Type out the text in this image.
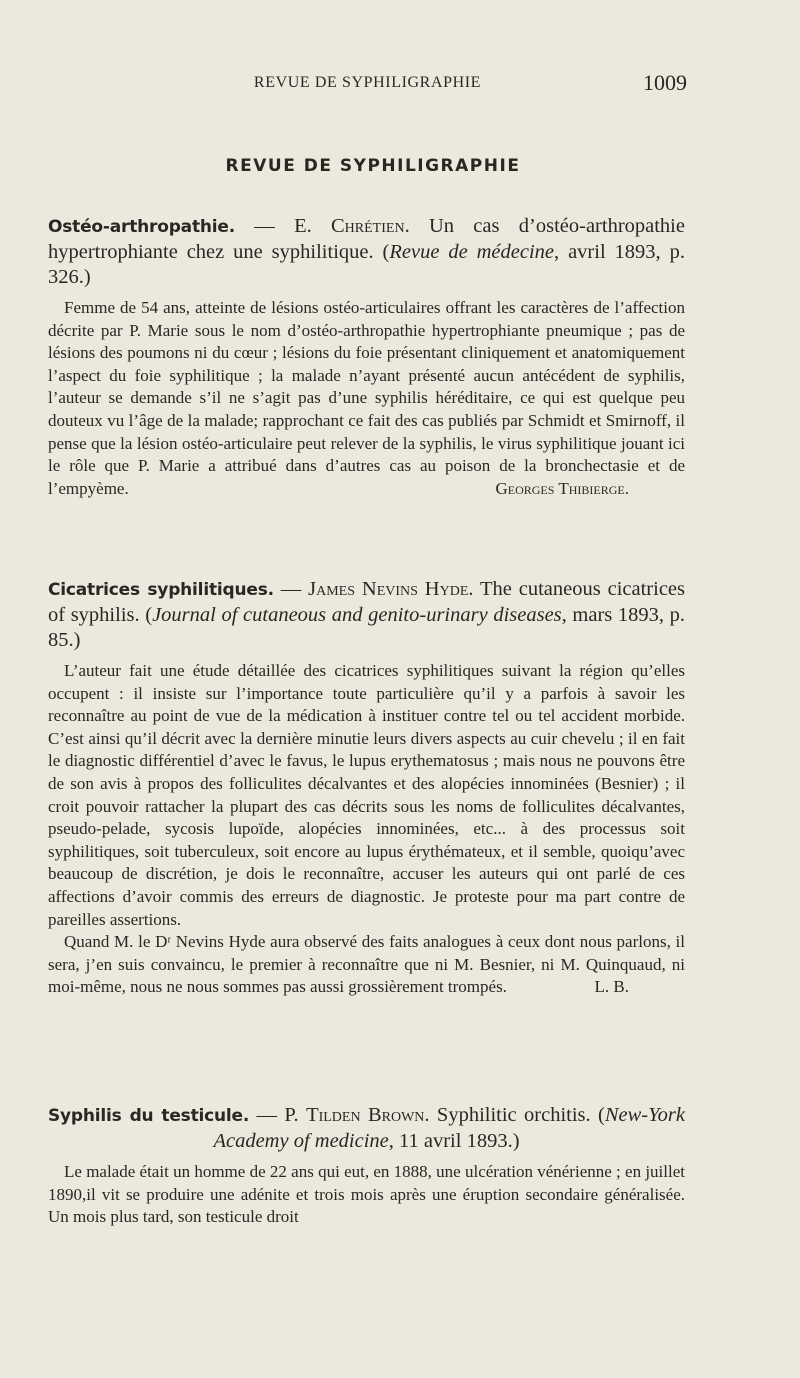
REVUE DE SYPHILIGRAPHIE	1009
REVUE DE SYPHILIGRAPHIE

Ostéo-arthropathie. — E. Chrétien. Un cas d’ostéo-arthropathie hypertrophiante chez une syphilitique. (Revue de médecine, avril 1893, p. 326.)

Femme de 54 ans, atteinte de lésions ostéo-articulaires offrant les caractères de l’affection décrite par P. Marie sous le nom d’ostéo-arthropathie hypertrophiante pneumique ; pas de lésions des poumons ni du cœur ; lésions du foie présentant cliniquement et anatomiquement l’aspect du foie syphilitique ; la malade n’ayant présenté aucun antécédent de syphilis, l’auteur se demande s’il ne s’agit pas d’une syphilis héréditaire, ce qui est quelque peu douteux vu l’âge de la malade; rapprochant ce fait des cas publiés par Schmidt et Smirnoff, il pense que la lésion ostéo-articulaire peut relever de la syphilis, le virus syphilitique jouant ici le rôle que P. Marie a attribué dans d’autres cas au poison de la bronchectasie et de l’empyème.	Georges Thibierge.

Cicatrices syphilitiques. — James Nevins Hyde. The cutaneous cicatrices of syphilis. (Journal of cutaneous and genito-urinary diseases, mars 1893, p. 85.)

L’auteur fait une étude détaillée des cicatrices syphilitiques suivant la région qu’elles occupent : il insiste sur l’importance toute particulière qu’il y a parfois à savoir les reconnaître au point de vue de la médication à instituer contre tel ou tel accident morbide. C’est ainsi qu’il décrit avec la dernière minutie leurs divers aspects au cuir chevelu ; il en fait le diagnostic différentiel d’avec le favus, le lupus erythematosus ; mais nous ne pouvons être de son avis à propos des folliculites décalvantes et des alopécies innominées (Besnier) ; il croit pouvoir rattacher la plupart des cas décrits sous les noms de folliculites décalvantes, pseudo-pelade, sycosis lupoïde, alopécies innominées, etc... à des processus soit syphilitiques, soit tuberculeux, soit encore au lupus érythémateux, et il semble, quoiqu’avec beaucoup de discrétion, je dois le reconnaître, accuser les auteurs qui ont parlé de ces affections d’avoir commis des erreurs de diagnostic. Je proteste pour ma part contre de pareilles assertions.

Quand M. le Dʳ Nevins Hyde aura observé des faits analogues à ceux dont nous parlons, il sera, j’en suis convaincu, le premier à reconnaître que ni M. Besnier, ni M. Quinquaud, ni moi-même, nous ne nous sommes pas aussi grossièrement trompés.	L. B.

Syphilis du testicule. — P. Tilden Brown. Syphilitic orchitis. (New-York Academy of medicine, 11 avril 1893.)

Le malade était un homme de 22 ans qui eut, en 1888, une ulcération vénérienne ; en juillet 1890,il vit se produire une adénite et trois mois après une éruption secondaire généralisée. Un mois plus tard, son testicule droit
